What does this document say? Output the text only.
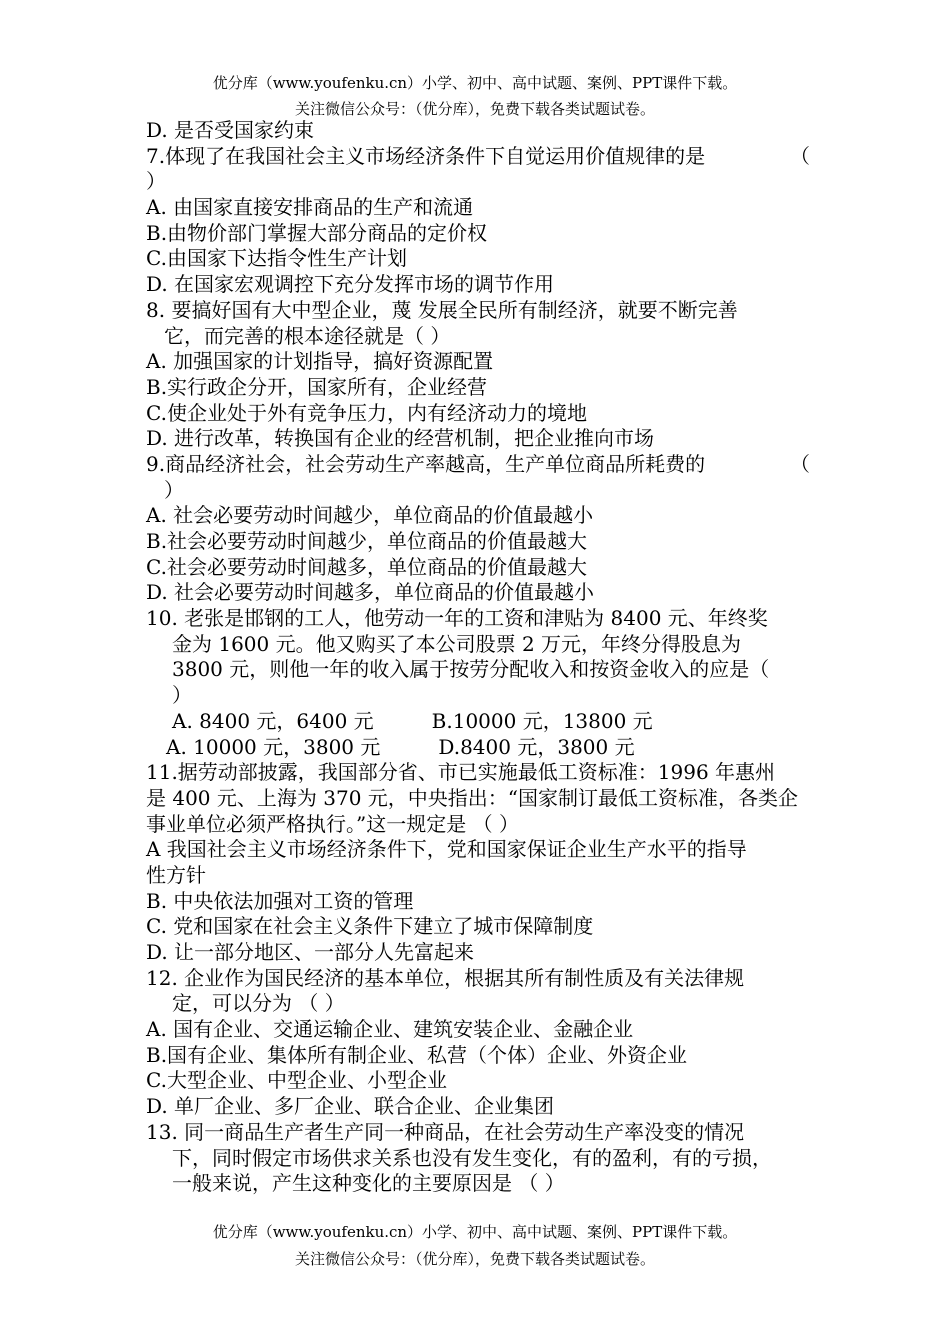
优分库（www.youfenku.cn）小学、初中、高中试题、案例、PPT课件下载。
关注微信公众号：（优分库），免费下载各类试题试卷。
D. 是否受国家约束
7.体现了在我国社会主义市场经济条件下自觉运用价值规律的是	（
）
A. 由国家直接安排商品的生产和流通
B.由物价部门掌握大部分商品的定价权
C.由国家下达指令性生产计划
D. 在国家宏观调控下充分发挥市场的调节作用
8. 要搞好国有大中型企业，蔑 发展全民所有制经济，就要不断完善
它，而完善的根本途径就是（ ）
A. 加强国家的计划指导，搞好资源配置
B.实行政企分开，国家所有，企业经营
C.使企业处于外有竞争压力，内有经济动力的境地
D. 进行改革，转换国有企业的经营机制，把企业推向市场
9.商品经济社会，社会劳动生产率越高，生产单位商品所耗费的	（
）
A. 社会必要劳动时间越少，单位商品的价值最越小
B.社会必要劳动时间越少，单位商品的价值最越大
C.社会必要劳动时间越多，单位商品的价值最越大
D. 社会必要劳动时间越多，单位商品的价值最越小
10. 老张是邯钢的工人，他劳动一年的工资和津贴为 8400 元、年终奖
金为 1600 元。他又购买了本公司股票 2 万元，年终分得股息为
3800 元，则他一年的收入属于按劳分配收入和按资金收入的应是（
）
A. 8400 元，6400 元	B.10000 元，13800 元
A. 10000 元，3800 元	D.8400 元，3800 元
11.据劳动部披露，我国部分省、市已实施最低工资标准：1996 年惠州
是 400 元、上海为 370 元，中央指出：“国家制订最低工资标准，各类企
事业单位必须严格执行。”这一规定是 （ ）
A 我国社会主义市场经济条件下，党和国家保证企业生产水平的指导
性方针
B. 中央依法加强对工资的管理
C. 党和国家在社会主义条件下建立了城市保障制度
D. 让一部分地区、一部分人先富起来
12. 企业作为国民经济的基本单位，根据其所有制性质及有关法律规
定，可以分为 （ ）
A. 国有企业、交通运输企业、建筑安装企业、金融企业
B.国有企业、集体所有制企业、私营（个体）企业、外资企业
C.大型企业、中型企业、小型企业
D. 单厂企业、多厂企业、联合企业、企业集团
13. 同一商品生产者生产同一种商品，在社会劳动生产率没变的情况
下，同时假定市场供求关系也没有发生变化，有的盈利，有的亏损，
一般来说，产生这种变化的主要原因是 （ ）
优分库（www.youfenku.cn）小学、初中、高中试题、案例、PPT课件下载。
关注微信公众号：（优分库），免费下载各类试题试卷。
